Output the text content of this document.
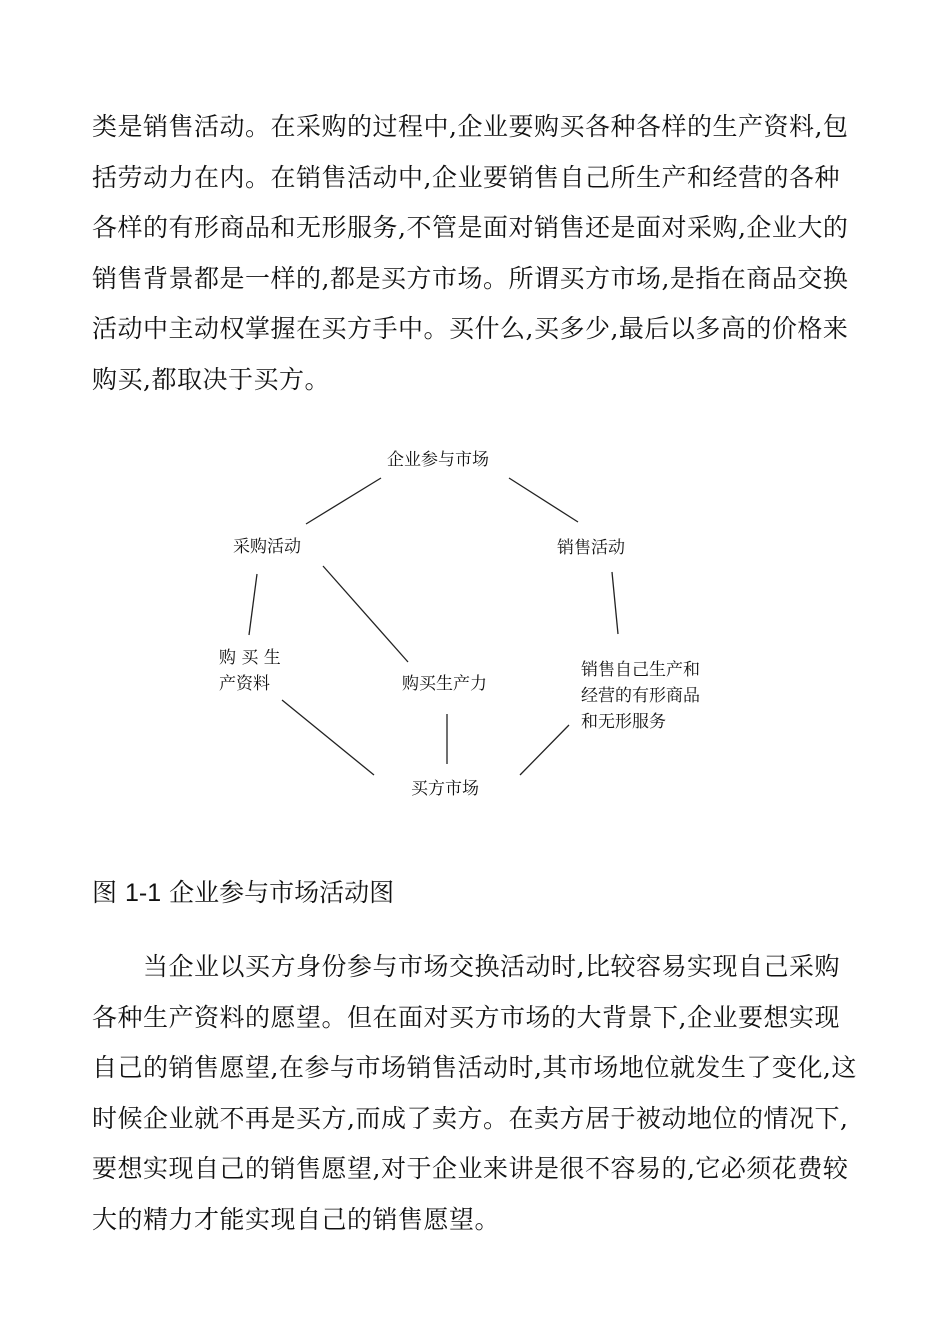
类是销售活动。在采购的过程中,企业要购买各种各样的生产资料,包
括劳动力在内。在销售活动中,企业要销售自己所生产和经营的各种
各样的有形商品和无形服务,不管是面对销售还是面对采购,企业大的
销售背景都是一样的,都是买方市场。所谓买方市场,是指在商品交换
活动中主动权掌握在买方手中。买什么,买多少,最后以多高的价格来
购买,都取决于买方。
企业参与市场
采购活动	销售活动
购 买 生
产资料	购买生产力
销售自己生产和
经营的有形商品
和无形服务
买方市场
图 1-1 企业参与市场活动图
　　当企业以买方身份参与市场交换活动时,比较容易实现自己采购
各种生产资料的愿望。但在面对买方市场的大背景下,企业要想实现
自己的销售愿望,在参与市场销售活动时,其市场地位就发生了变化,这
时候企业就不再是买方,而成了卖方。在卖方居于被动地位的情况下,
要想实现自己的销售愿望,对于企业来讲是很不容易的,它必须花费较
大的精力才能实现自己的销售愿望。
